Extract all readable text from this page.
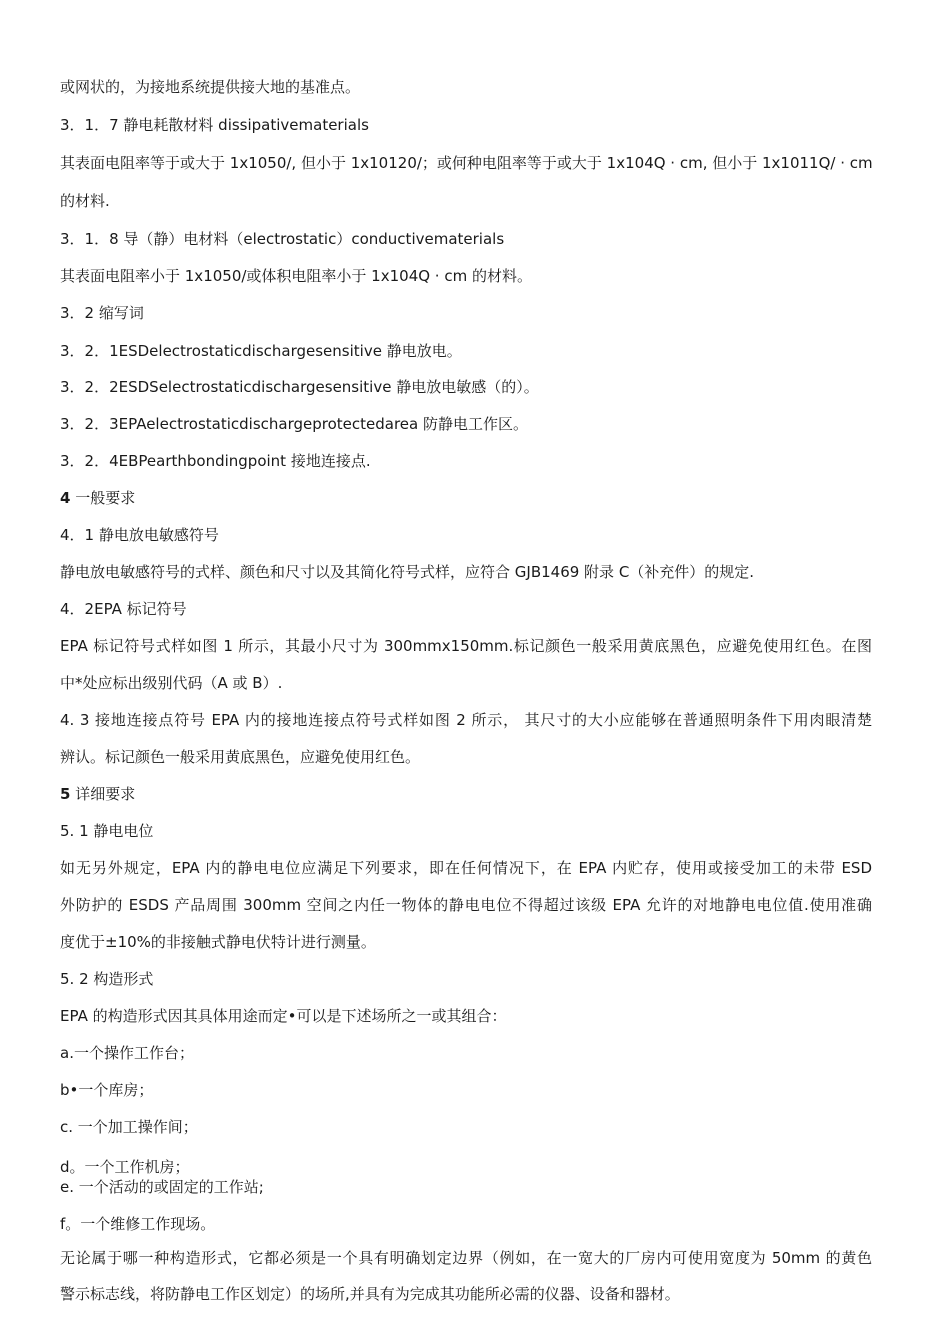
或网状的，为接地系统提供接大地的基准点。
3．1．7 静电耗散材料 dissipativematerials
其表面电阻率等于或大于 1x1050/, 但小于 1x10120/；或何种电阻率等于或大于 1x104Q · cm, 但小于 1x1011Q/ · cm
的材料.
3．1．8 导（静）电材料（electrostatic）conductivematerials
其表面电阻率小于 1x1050/或体积电阻率小于 1x104Q · cm 的材料。
3．2 缩写词
3．2．1ESDelectrostaticdischargesensitive 静电放电。
3．2．2ESDSelectrostaticdischargesensitive 静电放电敏感（的）。
3．2．3EPAelectrostaticdischargeprotectedarea 防静电工作区。
3．2．4EBPearthbondingpoint 接地连接点.
4 一般要求
4．1 静电放电敏感符号
静电放电敏感符号的式样、颜色和尺寸以及其简化符号式样，应符合 GJB1469 附录 C（补充件）的规定.
4．2EPA 标记符号
EPA 标记符号式样如图 1 所示，其最小尺寸为 300mmx150mm.标记颜色一般采用黄底黑色，应避免使用红色。在图
中*处应标出级别代码（A 或 B）.
4. 3 接地连接点符号 EPA 内的接地连接点符号式样如图 2 所示， 其尺寸的大小应能够在普通照明条件下用肉眼清楚
辨认。标记颜色一般采用黄底黑色，应避免使用红色。
5 详细要求
5. 1 静电电位
如无另外规定，EPA 内的静电电位应满足下列要求，即在任何情况下，在 EPA 内贮存，使用或接受加工的未带 ESD
外防护的 ESDS 产品周围 300mm 空间之内任一物体的静电电位不得超过该级 EPA 允许的对地静电电位值.使用准确
度优于±10%的非接触式静电伏特计进行测量。
5. 2 构造形式
EPA 的构造形式因其具体用途而定•可以是下述场所之一或其组合：
a.一个操作工作台；
b•一个库房；
c. 一个加工操作间；
d。一个工作机房；
e. 一个活动的或固定的工作站;
f。一个维修工作现场。
无论属于哪一种构造形式，它都必须是一个具有明确划定边界（例如，在一宽大的厂房内可使用宽度为 50mm 的黄色
警示标志线，将防静电工作区划定）的场所,并具有为完成其功能所必需的仪器、设备和器材。
